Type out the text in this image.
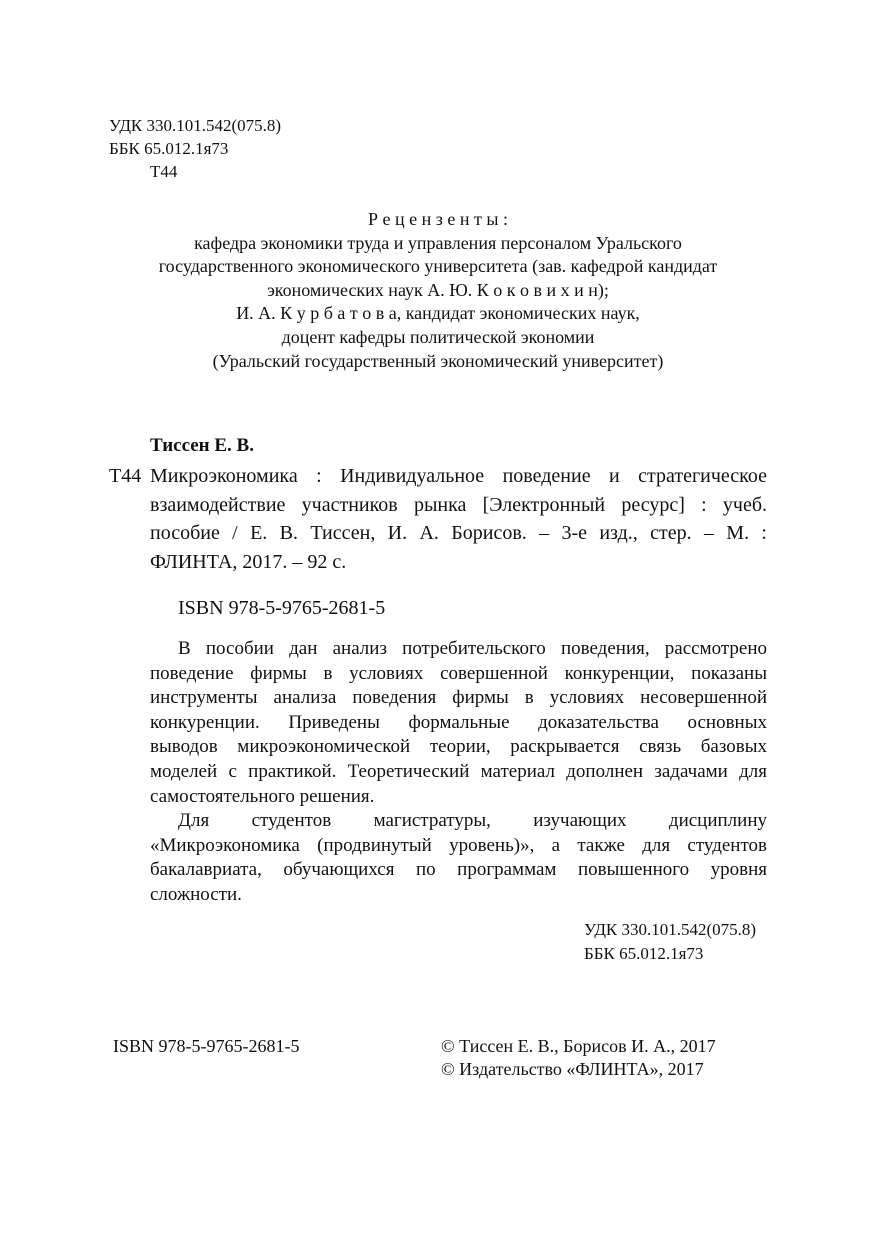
УДК 330.101.542(075.8)
ББК 65.012.1я73
Т44
Р е ц е н з е н т ы :
кафедра экономики труда и управления персоналом Уральского
государственного экономического университета (зав. кафедрой кандидат
экономических наук А. Ю. К о к о в и х и н);
И. А. К у р б а т о в а, кандидат экономических наук,
доцент кафедры политической экономии
(Уральский государственный экономический университет)
Тиссен Е. В.
Т44 Микроэкономика : Индивидуальное поведение и стратегическое
взаимодействие участников рынка [Электронный ресурс] : учеб.
пособие / Е. В. Тиссен, И. А. Борисов. – 3-е изд., стер. – М. :
ФЛИНТА, 2017. – 92 с.
ISBN 978-5-9765-2681-5
В пособии дан анализ потребительского поведения, рассмотрено
поведение фирмы в условиях совершенной конкуренции, показаны
инструменты анализа поведения фирмы в условиях несовершенной
конкуренции. Приведены формальные доказательства основных
выводов микроэкономической теории, раскрывается связь базовых
моделей с практикой. Теоретический материал дополнен задачами для
самостоятельного решения.
Для студентов магистратуры, изучающих дисциплину
«Микроэкономика (продвинутый уровень)», а также для студентов
бакалавриата, обучающихся по программам повышенного уровня
сложности.
УДК 330.101.542(075.8)
ББК 65.012.1я73
ISBN 978-5-9765-2681-5	© Тиссен Е. В., Борисов И. А., 2017
© Издательство «ФЛИНТА», 2017
